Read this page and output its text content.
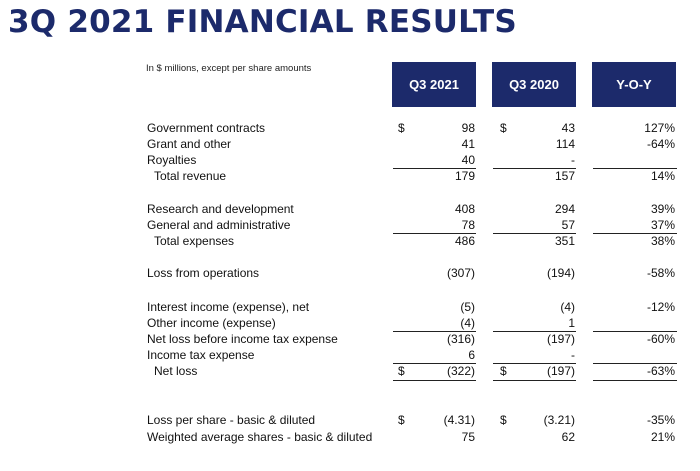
3Q 2021 FINANCIAL RESULTS
In $ millions, except per share amounts
Q3 2021	Q3 2020	Y-O-Y
Government contracts	$	98 $	43	127%
Grant and other	41	114	-64%
Royalties	40	-
Total revenue	179	157	14%
Research and development	408	294	39%
General and administrative	78	57	37%
Total expenses	486	351	38%
Loss from operations	(307)	(194)	-58%
Interest income (expense), net	(5)	(4)	-12%
Other income (expense)	(4)	1
Net loss before income tax expense	(316)	(197)	-60%
Income tax expense	6	-
Net loss	$	(322) $	(197)	-63%
Loss per share - basic & diluted	$	(4.31) $	(3.21)	-35%
Weighted average shares - basic & diluted	75	62	21%
